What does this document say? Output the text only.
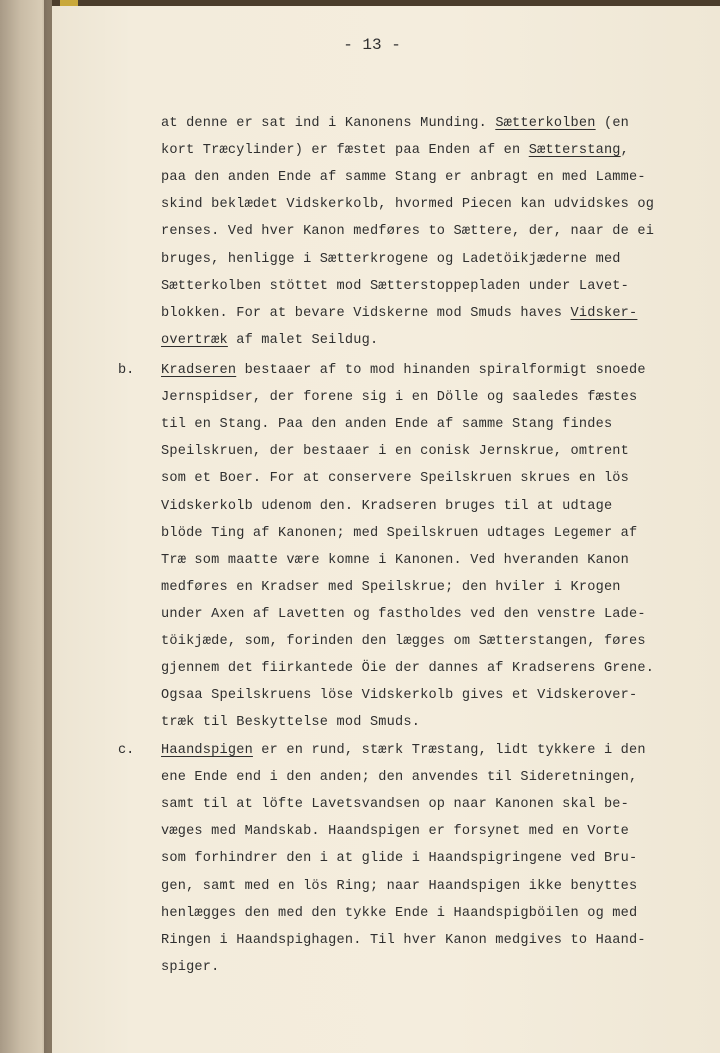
- 13 -
at denne er sat ind i Kanonens Munding. Sætterkolben (en
kort Træcylinder) er fæstet paa Enden af en Sætterstang,
paa den anden Ende af samme Stang er anbragt en med Lamme-
skind beklædet Vidskerkolb, hvormed Piecen kan udvidskes og
renses. Ved hver Kanon medføres to Sættere, der, naar de ei
bruges, henligge i Sætterkrogene og Ladetöikjæderne med
Sætterkolben stöttet mod Sætterstoppepladen under Lavet-
blokken. For at bevare Vidskerne mod Smuds haves Vidsker-
overtræk af malet Seildug.
b. Kradseren bestaaer af to mod hinanden spiralformigt snoede
Jernspidser, der forene sig i en Dölle og saaledes fæstes
til en Stang. Paa den anden Ende af samme Stang findes
Speilskruen, der bestaaer i en conisk Jernskrue, omtrent
som et Boer. For at conservere Speilskruen skrues en lös
Vidskerkolb udenom den. Kradseren bruges til at udtage
blöde Ting af Kanonen; med Speilskruen udtages Legemer af
Træ som maatte være komne i Kanonen. Ved hveranden Kanon
medføres en Kradser med Speilskrue; den hviler i Krogen
under Axen af Lavetten og fastholdes ved den venstre Lade-
töikjæde, som, forinden den lægges om Sætterstangen, føres
gjennem det fiirkantede Öie der dannes af Kradserens Grene.
Ogsaa Speilskruens löse Vidskerkolb gives et Vidskerover-
træk til Beskyttelse mod Smuds.
c. Haandspigen er en rund, stærk Træstang, lidt tykkere i den
ene Ende end i den anden; den anvendes til Sideretningen,
samt til at löfte Lavetsvandsen op naar Kanonen skal be-
væges med Mandskab. Haandspigen er forsynet med en Vorte
som forhindrer den i at glide i Haandspigringene ved Bru-
gen, samt med en lös Ring; naar Haandspigen ikke benyttes
henlægges den med den tykke Ende i Haandspigböilen og med
Ringen i Haandspighagen. Til hver Kanon medgives to Haand-
spiger.
